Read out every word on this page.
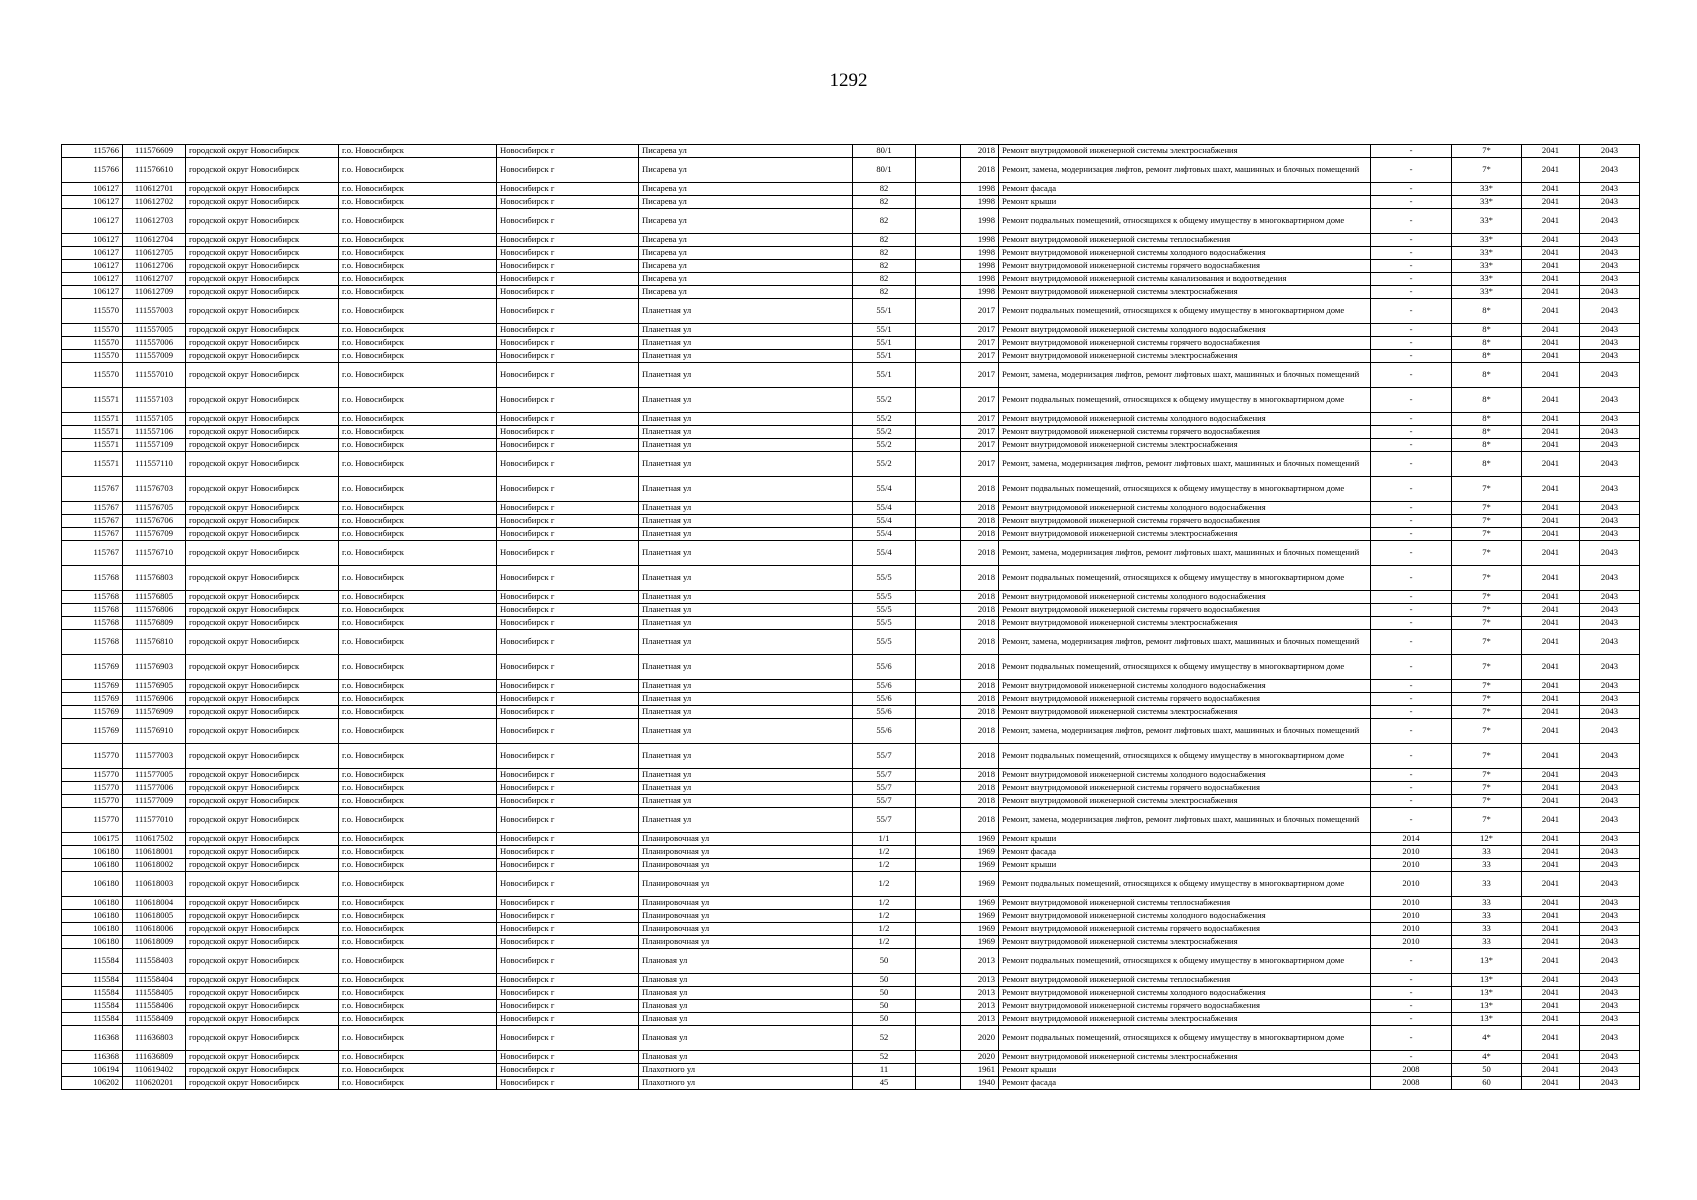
1292
115766	111576609	городской округ Новосибирск	г.о. Новосибирск	Новосибирск г	Писарева ул	80/1		2018	Ремонт внутридомовой инженерной системы электроснабжения	-	7*	2041	2043
115766	111576610	городской округ Новосибирск	г.о. Новосибирск	Новосибирск г	Писарева ул	80/1		2018	Ремонт, замена, модернизация лифтов, ремонт лифтовых шахт, машинных и блочных помещений	-	7*	2041	2043
106127	110612701	городской округ Новосибирск	г.о. Новосибирск	Новосибирск г	Писарева ул	82		1998	Ремонт фасада	-	33*	2041	2043
106127	110612702	городской округ Новосибирск	г.о. Новосибирск	Новосибирск г	Писарева ул	82		1998	Ремонт крыши	-	33*	2041	2043
106127	110612703	городской округ Новосибирск	г.о. Новосибирск	Новосибирск г	Писарева ул	82		1998	Ремонт подвальных помещений, относящихся к общему имуществу в многоквартирном доме	-	33*	2041	2043
106127	110612704	городской округ Новосибирск	г.о. Новосибирск	Новосибирск г	Писарева ул	82		1998	Ремонт внутридомовой инженерной системы теплоснабжения	-	33*	2041	2043
106127	110612705	городской округ Новосибирск	г.о. Новосибирск	Новосибирск г	Писарева ул	82		1998	Ремонт внутридомовой инженерной системы холодного водоснабжения	-	33*	2041	2043
106127	110612706	городской округ Новосибирск	г.о. Новосибирск	Новосибирск г	Писарева ул	82		1998	Ремонт внутридомовой инженерной системы горячего водоснабжения	-	33*	2041	2043
106127	110612707	городской округ Новосибирск	г.о. Новосибирск	Новосибирск г	Писарева ул	82		1998	Ремонт внутридомовой инженерной системы канализования и водоотведения	-	33*	2041	2043
106127	110612709	городской округ Новосибирск	г.о. Новосибирск	Новосибирск г	Писарева ул	82		1998	Ремонт внутридомовой инженерной системы электроснабжения	-	33*	2041	2043
115570	111557003	городской округ Новосибирск	г.о. Новосибирск	Новосибирск г	Планетная ул	55/1		2017	Ремонт подвальных помещений, относящихся к общему имуществу в многоквартирном доме	-	8*	2041	2043
115570	111557005	городской округ Новосибирск	г.о. Новосибирск	Новосибирск г	Планетная ул	55/1		2017	Ремонт внутридомовой инженерной системы холодного водоснабжения	-	8*	2041	2043
115570	111557006	городской округ Новосибирск	г.о. Новосибирск	Новосибирск г	Планетная ул	55/1		2017	Ремонт внутридомовой инженерной системы горячего водоснабжения	-	8*	2041	2043
115570	111557009	городской округ Новосибирск	г.о. Новосибирск	Новосибирск г	Планетная ул	55/1		2017	Ремонт внутридомовой инженерной системы электроснабжения	-	8*	2041	2043
115570	111557010	городской округ Новосибирск	г.о. Новосибирск	Новосибирск г	Планетная ул	55/1		2017	Ремонт, замена, модернизация лифтов, ремонт лифтовых шахт, машинных и блочных помещений	-	8*	2041	2043
115571	111557103	городской округ Новосибирск	г.о. Новосибирск	Новосибирск г	Планетная ул	55/2		2017	Ремонт подвальных помещений, относящихся к общему имуществу в многоквартирном доме	-	8*	2041	2043
115571	111557105	городской округ Новосибирск	г.о. Новосибирск	Новосибирск г	Планетная ул	55/2		2017	Ремонт внутридомовой инженерной системы холодного водоснабжения	-	8*	2041	2043
115571	111557106	городской округ Новосибирск	г.о. Новосибирск	Новосибирск г	Планетная ул	55/2		2017	Ремонт внутридомовой инженерной системы горячего водоснабжения	-	8*	2041	2043
115571	111557109	городской округ Новосибирск	г.о. Новосибирск	Новосибирск г	Планетная ул	55/2		2017	Ремонт внутридомовой инженерной системы электроснабжения	-	8*	2041	2043
115571	111557110	городской округ Новосибирск	г.о. Новосибирск	Новосибирск г	Планетная ул	55/2		2017	Ремонт, замена, модернизация лифтов, ремонт лифтовых шахт, машинных и блочных помещений	-	8*	2041	2043
115767	111576703	городской округ Новосибирск	г.о. Новосибирск	Новосибирск г	Планетная ул	55/4		2018	Ремонт подвальных помещений, относящихся к общему имуществу в многоквартирном доме	-	7*	2041	2043
115767	111576705	городской округ Новосибирск	г.о. Новосибирск	Новосибирск г	Планетная ул	55/4		2018	Ремонт внутридомовой инженерной системы холодного водоснабжения	-	7*	2041	2043
115767	111576706	городской округ Новосибирск	г.о. Новосибирск	Новосибирск г	Планетная ул	55/4		2018	Ремонт внутридомовой инженерной системы горячего водоснабжения	-	7*	2041	2043
115767	111576709	городской округ Новосибирск	г.о. Новосибирск	Новосибирск г	Планетная ул	55/4		2018	Ремонт внутридомовой инженерной системы электроснабжения	-	7*	2041	2043
115767	111576710	городской округ Новосибирск	г.о. Новосибирск	Новосибирск г	Планетная ул	55/4		2018	Ремонт, замена, модернизация лифтов, ремонт лифтовых шахт, машинных и блочных помещений	-	7*	2041	2043
115768	111576803	городской округ Новосибирск	г.о. Новосибирск	Новосибирск г	Планетная ул	55/5		2018	Ремонт подвальных помещений, относящихся к общему имуществу в многоквартирном доме	-	7*	2041	2043
115768	111576805	городской округ Новосибирск	г.о. Новосибирск	Новосибирск г	Планетная ул	55/5		2018	Ремонт внутридомовой инженерной системы холодного водоснабжения	-	7*	2041	2043
115768	111576806	городской округ Новосибирск	г.о. Новосибирск	Новосибирск г	Планетная ул	55/5		2018	Ремонт внутридомовой инженерной системы горячего водоснабжения	-	7*	2041	2043
115768	111576809	городской округ Новосибирск	г.о. Новосибирск	Новосибирск г	Планетная ул	55/5		2018	Ремонт внутридомовой инженерной системы электроснабжения	-	7*	2041	2043
115768	111576810	городской округ Новосибирск	г.о. Новосибирск	Новосибирск г	Планетная ул	55/5		2018	Ремонт, замена, модернизация лифтов, ремонт лифтовых шахт, машинных и блочных помещений	-	7*	2041	2043
115769	111576903	городской округ Новосибирск	г.о. Новосибирск	Новосибирск г	Планетная ул	55/6		2018	Ремонт подвальных помещений, относящихся к общему имуществу в многоквартирном доме	-	7*	2041	2043
115769	111576905	городской округ Новосибирск	г.о. Новосибирск	Новосибирск г	Планетная ул	55/6		2018	Ремонт внутридомовой инженерной системы холодного водоснабжения	-	7*	2041	2043
115769	111576906	городской округ Новосибирск	г.о. Новосибирск	Новосибирск г	Планетная ул	55/6		2018	Ремонт внутридомовой инженерной системы горячего водоснабжения	-	7*	2041	2043
115769	111576909	городской округ Новосибирск	г.о. Новосибирск	Новосибирск г	Планетная ул	55/6		2018	Ремонт внутридомовой инженерной системы электроснабжения	-	7*	2041	2043
115769	111576910	городской округ Новосибирск	г.о. Новосибирск	Новосибирск г	Планетная ул	55/6		2018	Ремонт, замена, модернизация лифтов, ремонт лифтовых шахт, машинных и блочных помещений	-	7*	2041	2043
115770	111577003	городской округ Новосибирск	г.о. Новосибирск	Новосибирск г	Планетная ул	55/7		2018	Ремонт подвальных помещений, относящихся к общему имуществу в многоквартирном доме	-	7*	2041	2043
115770	111577005	городской округ Новосибирск	г.о. Новосибирск	Новосибирск г	Планетная ул	55/7		2018	Ремонт внутридомовой инженерной системы холодного водоснабжения	-	7*	2041	2043
115770	111577006	городской округ Новосибирск	г.о. Новосибирск	Новосибирск г	Планетная ул	55/7		2018	Ремонт внутридомовой инженерной системы горячего водоснабжения	-	7*	2041	2043
115770	111577009	городской округ Новосибирск	г.о. Новосибирск	Новосибирск г	Планетная ул	55/7		2018	Ремонт внутридомовой инженерной системы электроснабжения	-	7*	2041	2043
115770	111577010	городской округ Новосибирск	г.о. Новосибирск	Новосибирск г	Планетная ул	55/7		2018	Ремонт, замена, модернизация лифтов, ремонт лифтовых шахт, машинных и блочных помещений	-	7*	2041	2043
106175	110617502	городской округ Новосибирск	г.о. Новосибирск	Новосибирск г	Планировочная ул	1/1		1969	Ремонт крыши	2014	12*	2041	2043
106180	110618001	городской округ Новосибирск	г.о. Новосибирск	Новосибирск г	Планировочная ул	1/2		1969	Ремонт фасада	2010	33	2041	2043
106180	110618002	городской округ Новосибирск	г.о. Новосибирск	Новосибирск г	Планировочная ул	1/2		1969	Ремонт крыши	2010	33	2041	2043
106180	110618003	городской округ Новосибирск	г.о. Новосибирск	Новосибирск г	Планировочная ул	1/2		1969	Ремонт подвальных помещений, относящихся к общему имуществу в многоквартирном доме	2010	33	2041	2043
106180	110618004	городской округ Новосибирск	г.о. Новосибирск	Новосибирск г	Планировочная ул	1/2		1969	Ремонт внутридомовой инженерной системы теплоснабжения	2010	33	2041	2043
106180	110618005	городской округ Новосибирск	г.о. Новосибирск	Новосибирск г	Планировочная ул	1/2		1969	Ремонт внутридомовой инженерной системы холодного водоснабжения	2010	33	2041	2043
106180	110618006	городской округ Новосибирск	г.о. Новосибирск	Новосибирск г	Планировочная ул	1/2		1969	Ремонт внутридомовой инженерной системы горячего водоснабжения	2010	33	2041	2043
106180	110618009	городской округ Новосибирск	г.о. Новосибирск	Новосибирск г	Планировочная ул	1/2		1969	Ремонт внутридомовой инженерной системы электроснабжения	2010	33	2041	2043
115584	111558403	городской округ Новосибирск	г.о. Новосибирск	Новосибирск г	Плановая ул	50		2013	Ремонт подвальных помещений, относящихся к общему имуществу в многоквартирном доме	-	13*	2041	2043
115584	111558404	городской округ Новосибирск	г.о. Новосибирск	Новосибирск г	Плановая ул	50		2013	Ремонт внутридомовой инженерной системы теплоснабжения	-	13*	2041	2043
115584	111558405	городской округ Новосибирск	г.о. Новосибирск	Новосибирск г	Плановая ул	50		2013	Ремонт внутридомовой инженерной системы холодного водоснабжения	-	13*	2041	2043
115584	111558406	городской округ Новосибирск	г.о. Новосибирск	Новосибирск г	Плановая ул	50		2013	Ремонт внутридомовой инженерной системы горячего водоснабжения	-	13*	2041	2043
115584	111558409	городской округ Новосибирск	г.о. Новосибирск	Новосибирск г	Плановая ул	50		2013	Ремонт внутридомовой инженерной системы электроснабжения	-	13*	2041	2043
116368	111636803	городской округ Новосибирск	г.о. Новосибирск	Новосибирск г	Плановая ул	52		2020	Ремонт подвальных помещений, относящихся к общему имуществу в многоквартирном доме	-	4*	2041	2043
116368	111636809	городской округ Новосибирск	г.о. Новосибирск	Новосибирск г	Плановая ул	52		2020	Ремонт внутридомовой инженерной системы электроснабжения	-	4*	2041	2043
106194	110619402	городской округ Новосибирск	г.о. Новосибирск	Новосибирск г	Плахотного ул	11		1961	Ремонт крыши	2008	50	2041	2043
106202	110620201	городской округ Новосибирск	г.о. Новосибирск	Новосибирск г	Плахотного ул	45		1940	Ремонт фасада	2008	60	2041	2043
